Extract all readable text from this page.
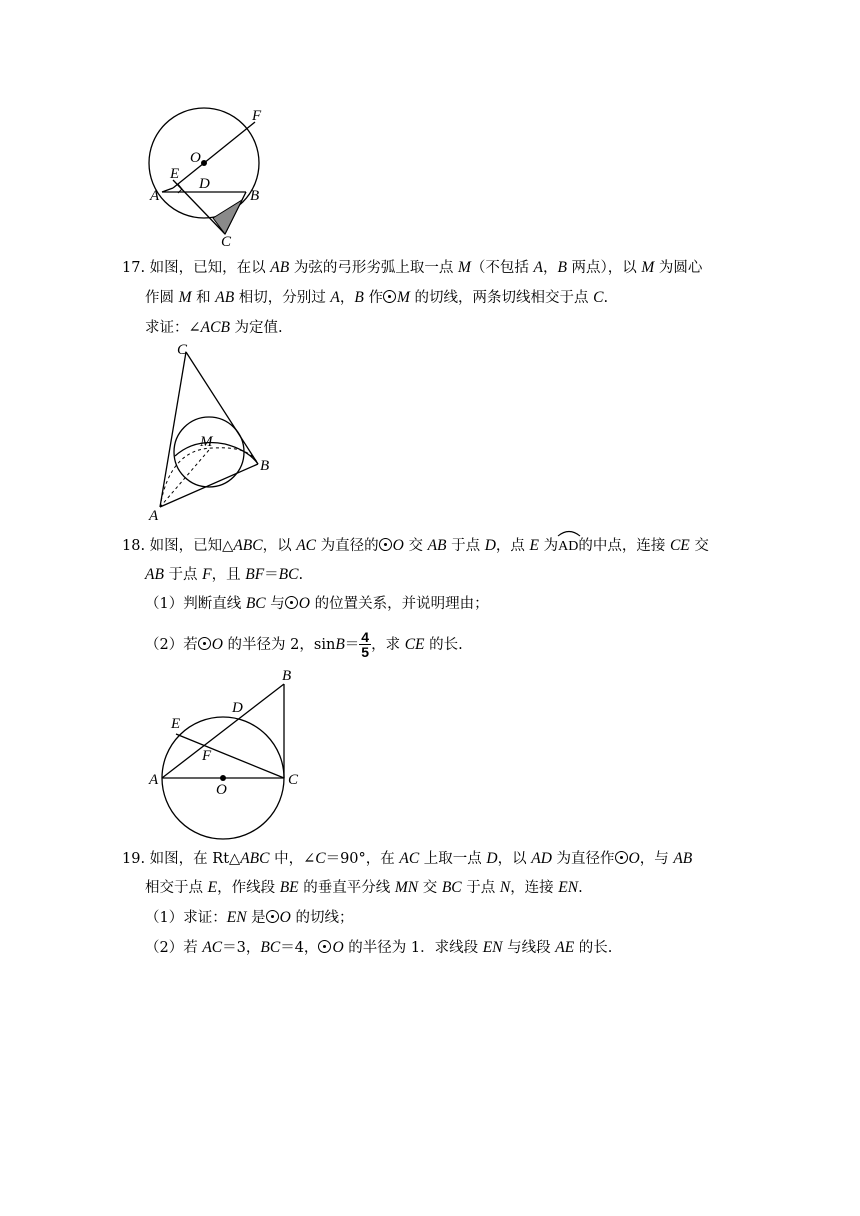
F
O
E
D
A	B
C
17. 如图，已知，在以 AB 为弦的弓形劣弧上取一点 M（不包括 A，B 两点），以 M 为圆心
作圆 M 和 AB 相切，分别过 A，B 作 M 的切线，两条切线相交于点 C.
求证：∠ACB 为定值.
C
M
B
A
18. 如图，已知△ABC，以 AC 为直径的 O 交 AB 于点 D，点 E 为
AD的中点，连接 CE 交
AB 于点 F，且 BF＝BC.
（1）判断直线 BC 与 O 的位置关系，并说明理由；
（2）若 O 的半径为 2，$\sin B= \frac{4}{5}$ ，求 CE 的长.
B
D
E
F
A
O
C
19. 如图，在 Rt△ABC 中，∠C＝90°，在 AC 上取一点 D，以 AD 为直径作 O，与 AB
相交于点 E，作线段 BE 的垂直平分线 MN 交 BC 于点 N，连接 EN.
（1）求证：EN 是 O 的切线；
（2）若 AC＝3，BC＝4， O 的半径为 1．求线段 EN 与线段 AE 的长.
